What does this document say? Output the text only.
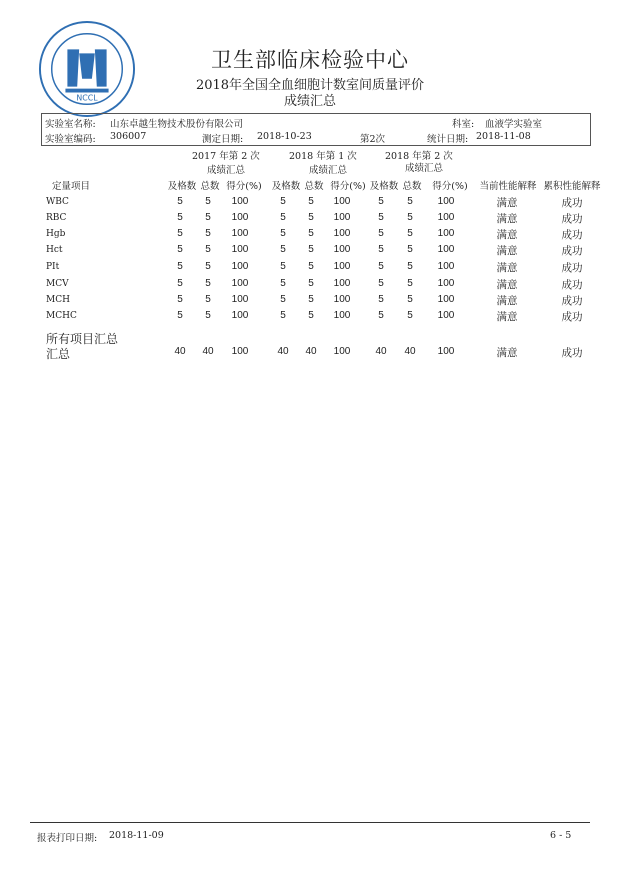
NCCL
卫生部临床检验中心
2018年全国全血细胞计数室间质量评价
成绩汇总
实验室名称: 山东卓越生物技术股份有限公司	科室: 血液学实验室
实验室编码: 306007	测定日期: 2018-10-23	第2次	统计日期: 2018-11-08
2017 年第 2 次
成绩汇总
2018 年第 1 次
成绩汇总
2018 年第 2 次
成绩汇总
定量项目	及格数 总数 得分(%) 及格数 总数 得分(%) 及格数 总数 得分(%) 当前性能解释 累积性能解释
WBC	5 5 100	5 5 100	5 5 100	满意	成功
RBC	5 5 100	5 5 100	5 5 100	满意	成功
Hgb	5 5 100	5 5 100	5 5 100	满意	成功
Hct	5 5 100	5 5 100	5 5 100	满意	成功
PIt	5 5 100	5 5 100	5 5 100	满意	成功
MCV	5 5 100	5 5 100	5 5 100	满意	成功
MCH	5 5 100	5 5 100	5 5 100	满意	成功
MCHC	5 5 100	5 5 100	5 5 100	满意	成功
所有项目汇总
汇总	40 40 100	40 40 100	40 40 100	满意	成功
报表打印日期: 2018-11-09	6 - 5
